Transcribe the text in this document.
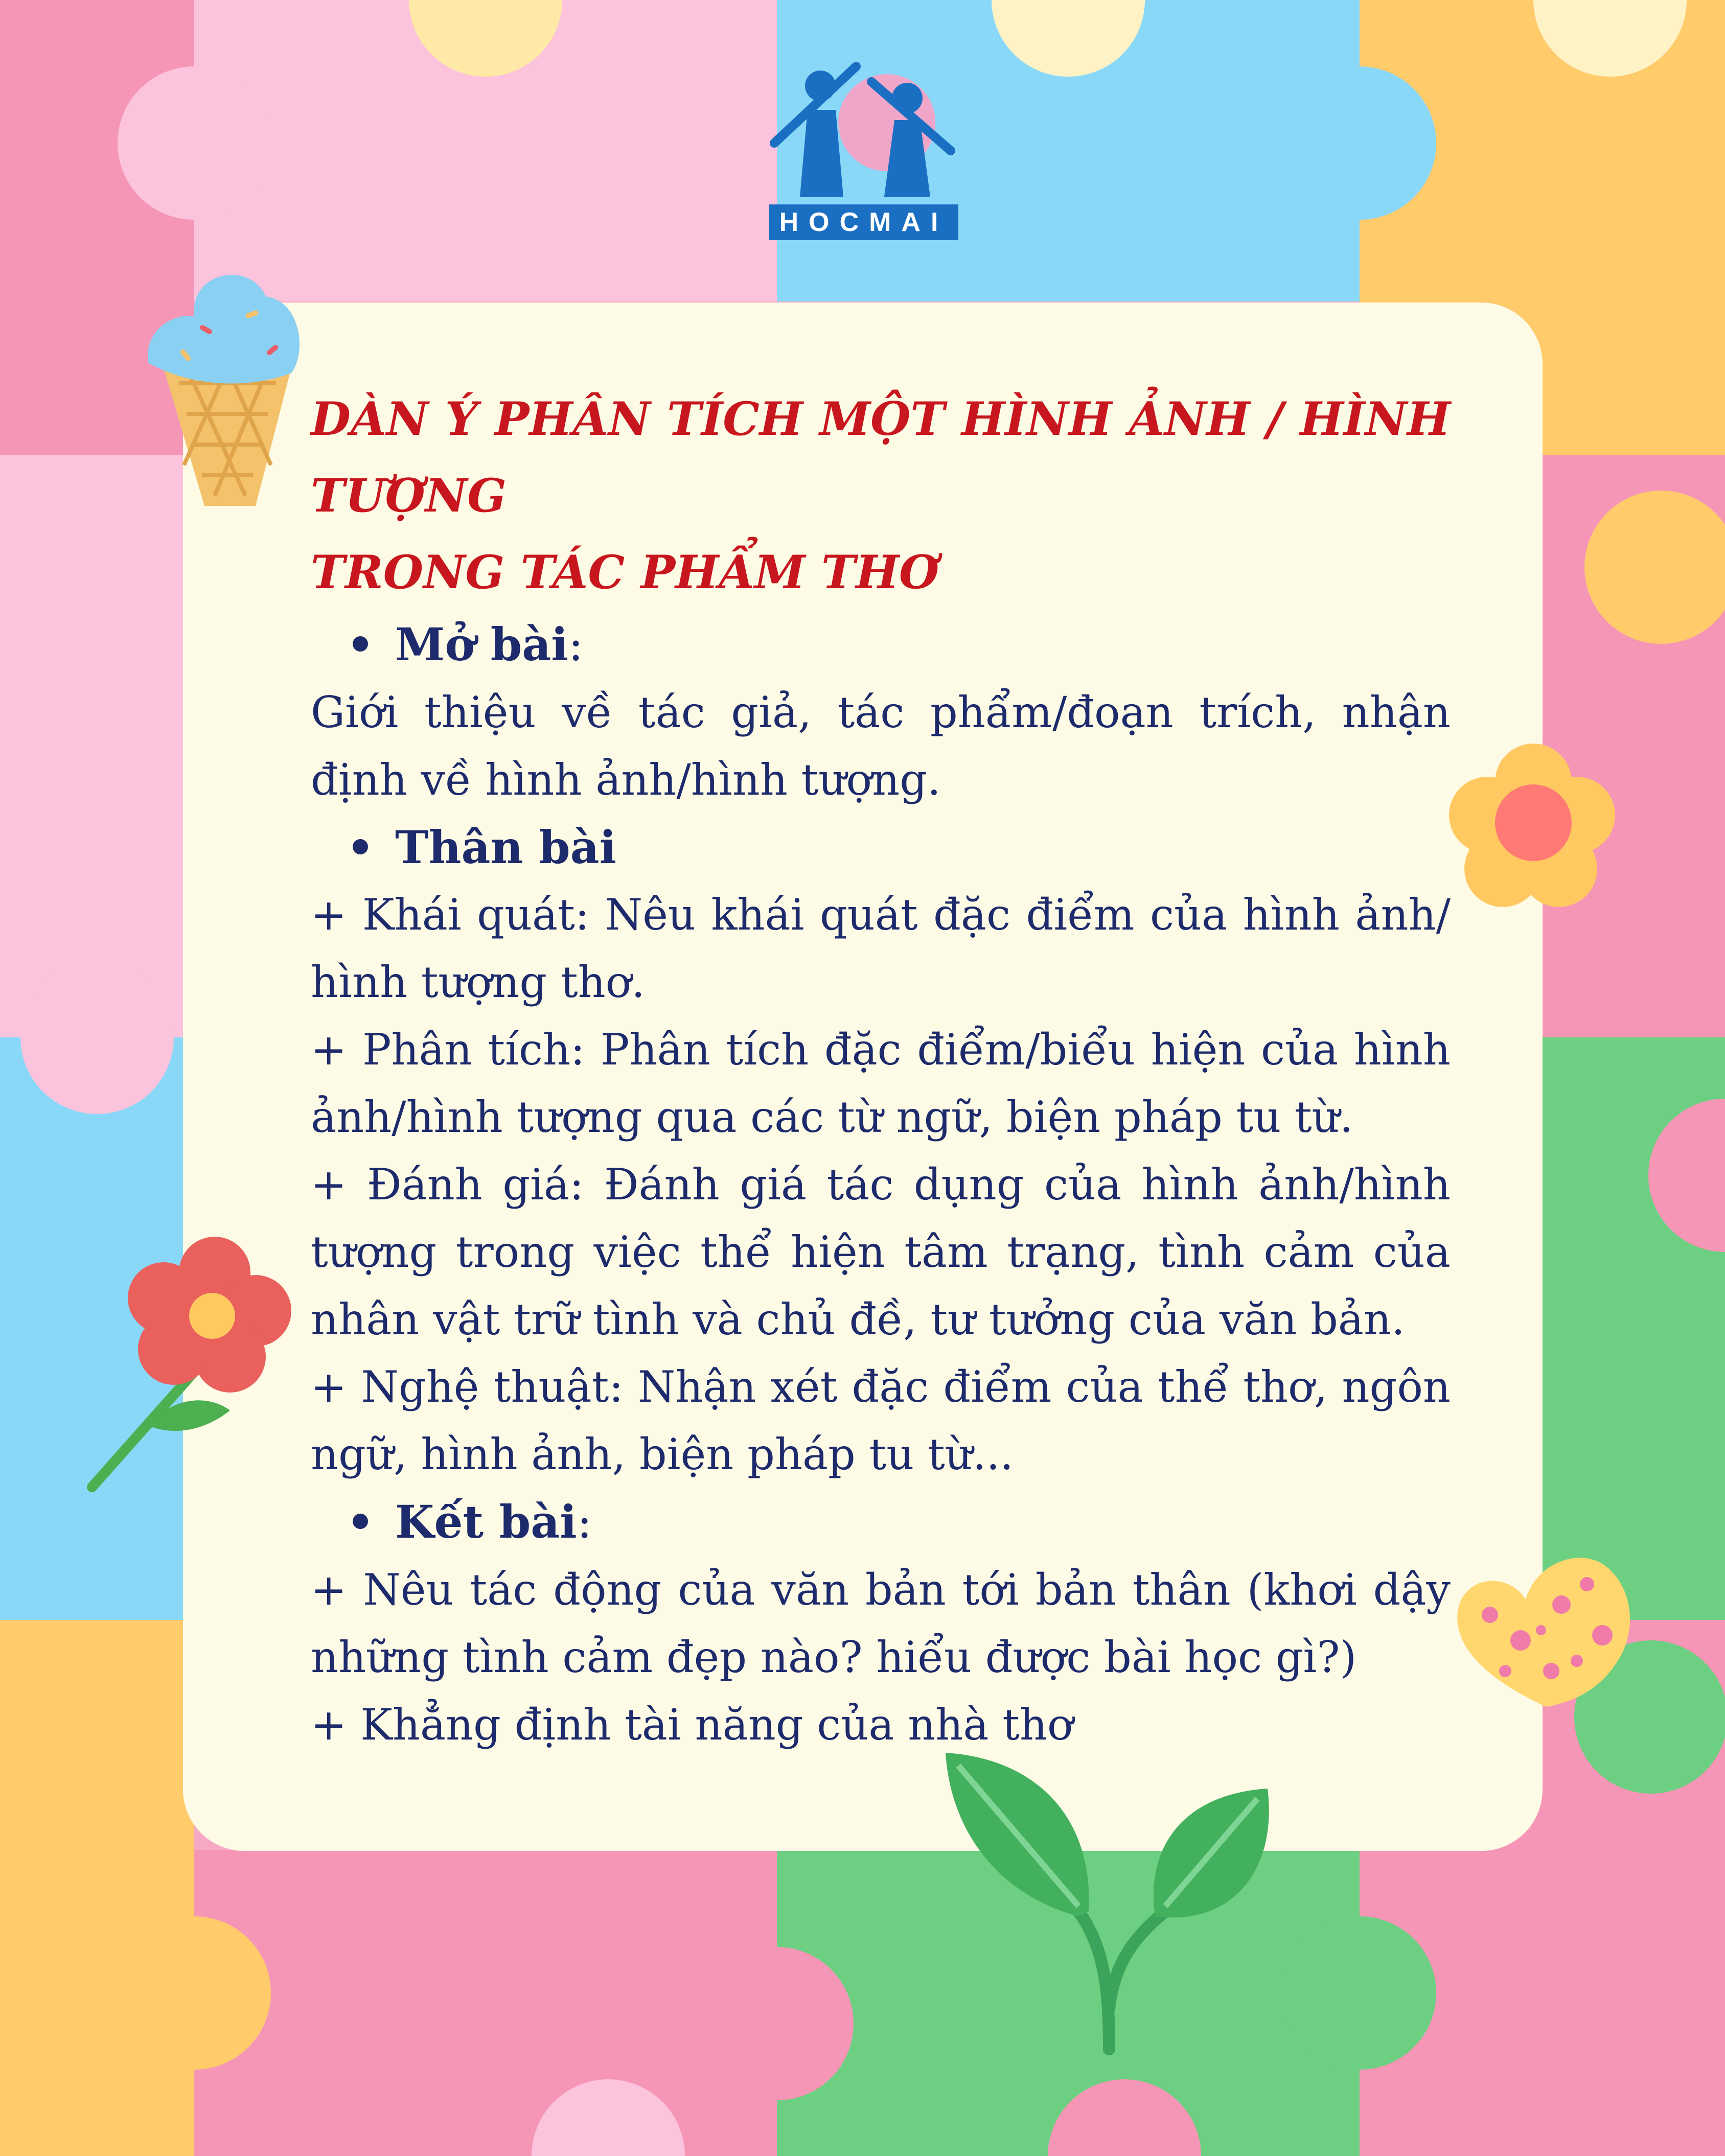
HOCMAI
DÀN Ý PHÂN TÍCH MỘT HÌNH ẢNH / HÌNH TƯỢNG
TRONG TÁC PHẨM THƠ

Mở bài:

Giới thiệu về tác giả, tác phẩm/đoạn trích, nhận định về hình ảnh/hình tượng.

Thân bài

+ Khái quát: Nêu khái quát đặc điểm của hình ảnh/ hình tượng thơ.

+ Phân tích: Phân tích đặc điểm/biểu hiện của hình ảnh/hình tượng qua các từ ngữ, biện pháp tu từ.

+ Đánh giá: Đánh giá tác dụng của hình ảnh/hình tượng trong việc thể hiện tâm trạng, tình cảm của nhân vật trữ tình và chủ đề, tư tưởng của văn bản.

+ Nghệ thuật: Nhận xét đặc điểm của thể thơ, ngôn ngữ, hình ảnh, biện pháp tu từ...

Kết bài:

+ Nêu tác động của văn bản tới bản thân (khơi dậy những tình cảm đẹp nào? hiểu được bài học gì?)

+ Khẳng định tài năng của nhà thơ
